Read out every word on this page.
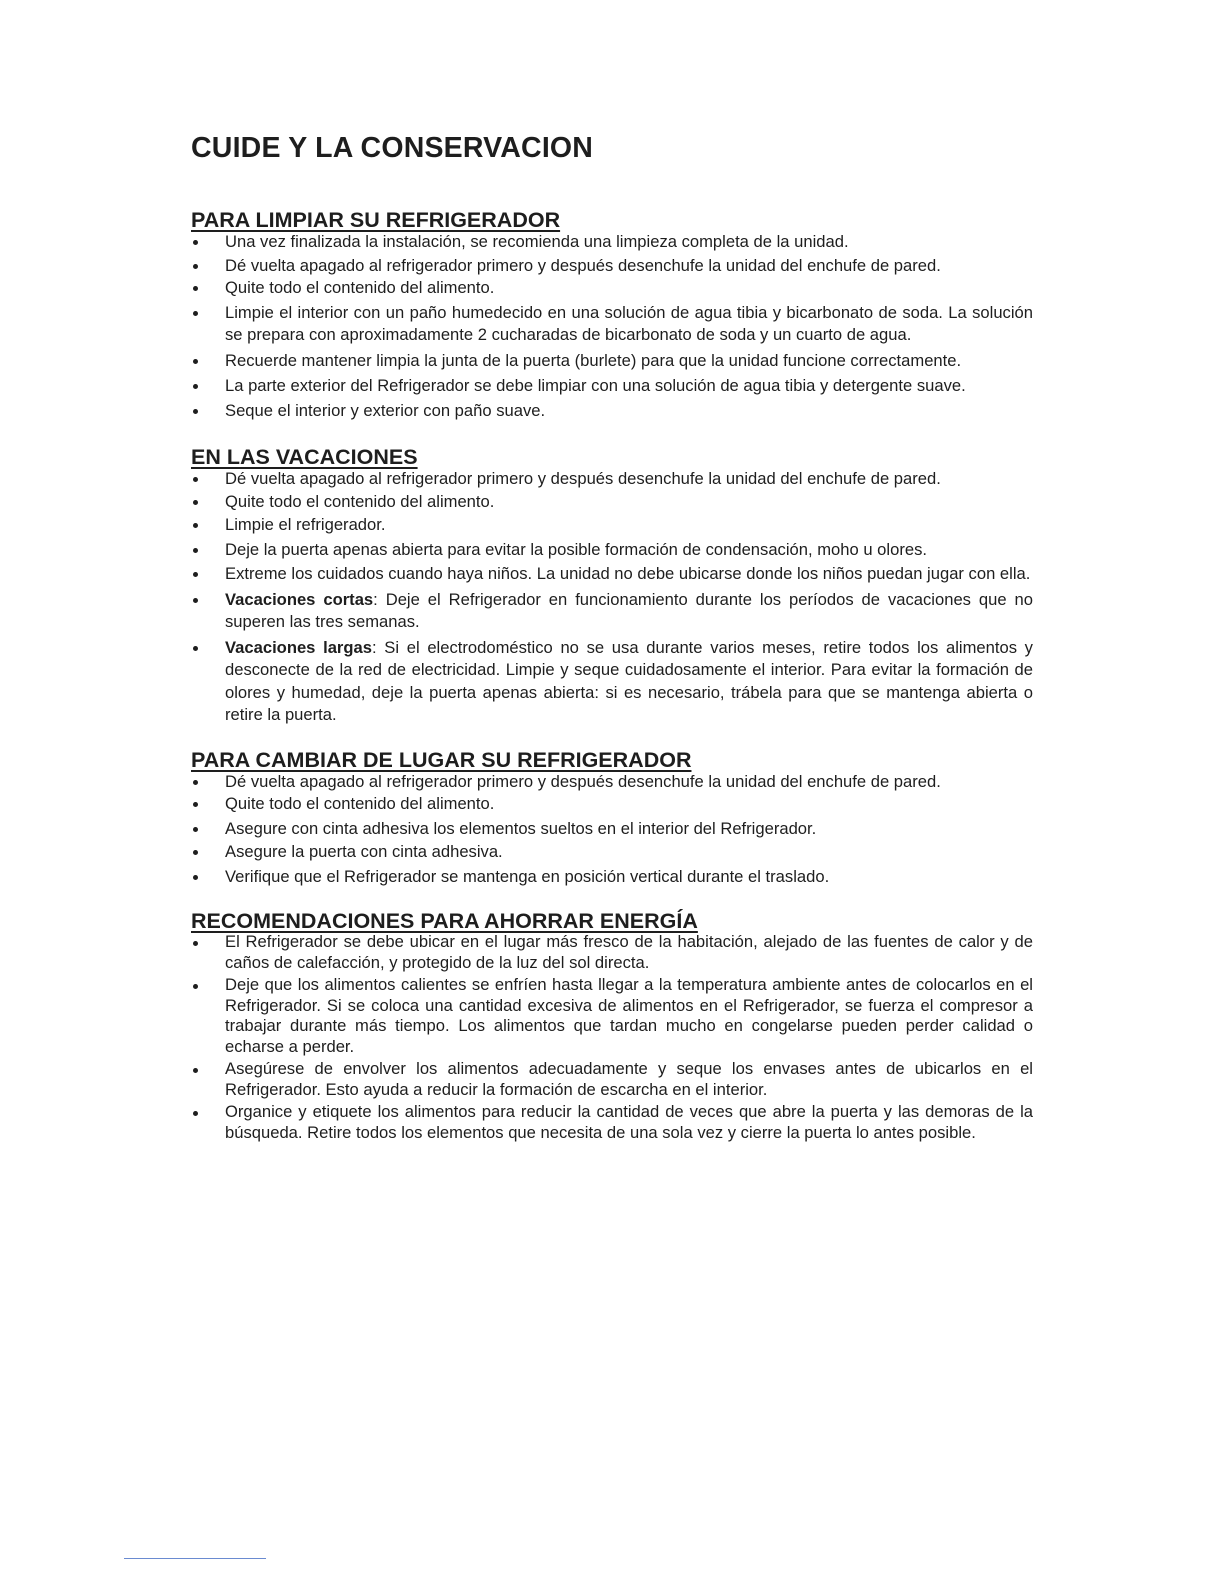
CUIDE Y LA CONSERVACION
PARA LIMPIAR SU REFRIGERADOR
Una vez finalizada la instalación, se recomienda una limpieza completa de la unidad.
Dé vuelta apagado al refrigerador primero y después desenchufe la unidad del enchufe de pared.
Quite todo el contenido del alimento.
Limpie el interior con un paño humedecido en una solución de agua tibia y bicarbonato de soda. La solución se prepara con aproximadamente 2 cucharadas de bicarbonato de soda y un cuarto de agua.
Recuerde mantener limpia la junta de la puerta (burlete) para que la unidad funcione correctamente.
La parte exterior del Refrigerador se debe limpiar con una solución de agua tibia y detergente suave.
Seque el interior y exterior con paño suave.
EN LAS VACACIONES
Dé vuelta apagado al refrigerador primero y después desenchufe la unidad del enchufe de pared.
Quite todo el contenido del alimento.
Limpie el refrigerador.
Deje la puerta apenas abierta para evitar la posible formación de condensación, moho u olores.
Extreme los cuidados cuando haya niños. La unidad no debe ubicarse donde los niños puedan jugar con ella.
Vacaciones cortas: Deje el Refrigerador en funcionamiento durante los períodos de vacaciones que no superen las tres semanas.
Vacaciones largas: Si el electrodoméstico no se usa durante varios meses, retire todos los alimentos y desconecte de la red de electricidad. Limpie y seque cuidadosamente el interior. Para evitar la formación de olores y humedad, deje la puerta apenas abierta: si es necesario, trábela para que se mantenga abierta o retire la puerta.
PARA CAMBIAR DE LUGAR SU REFRIGERADOR
Dé vuelta apagado al refrigerador primero y después desenchufe la unidad del enchufe de pared.
Quite todo el contenido del alimento.
Asegure con cinta adhesiva los elementos sueltos en el interior del Refrigerador.
Asegure la puerta con cinta adhesiva.
Verifique que el Refrigerador se mantenga en posición vertical durante el traslado.
RECOMENDACIONES PARA AHORRAR ENERGÍA
El Refrigerador se debe ubicar en el lugar más fresco de la habitación, alejado de las fuentes de calor y de caños de calefacción, y protegido de la luz del sol directa.
Deje que los alimentos calientes se enfríen hasta llegar a la temperatura ambiente antes de colocarlos en el Refrigerador. Si se coloca una cantidad excesiva de alimentos en el Refrigerador, se fuerza el compresor a trabajar durante más tiempo. Los alimentos que tardan mucho en congelarse pueden perder calidad o echarse a perder.
Asegúrese de envolver los alimentos adecuadamente y seque los envases antes de ubicarlos en el Refrigerador. Esto ayuda a reducir la formación de escarcha en el interior.
Organice y etiquete los alimentos para reducir la cantidad de veces que abre la puerta y las demoras de la búsqueda. Retire todos los elementos que necesita de una sola vez y cierre la puerta lo antes posible.
